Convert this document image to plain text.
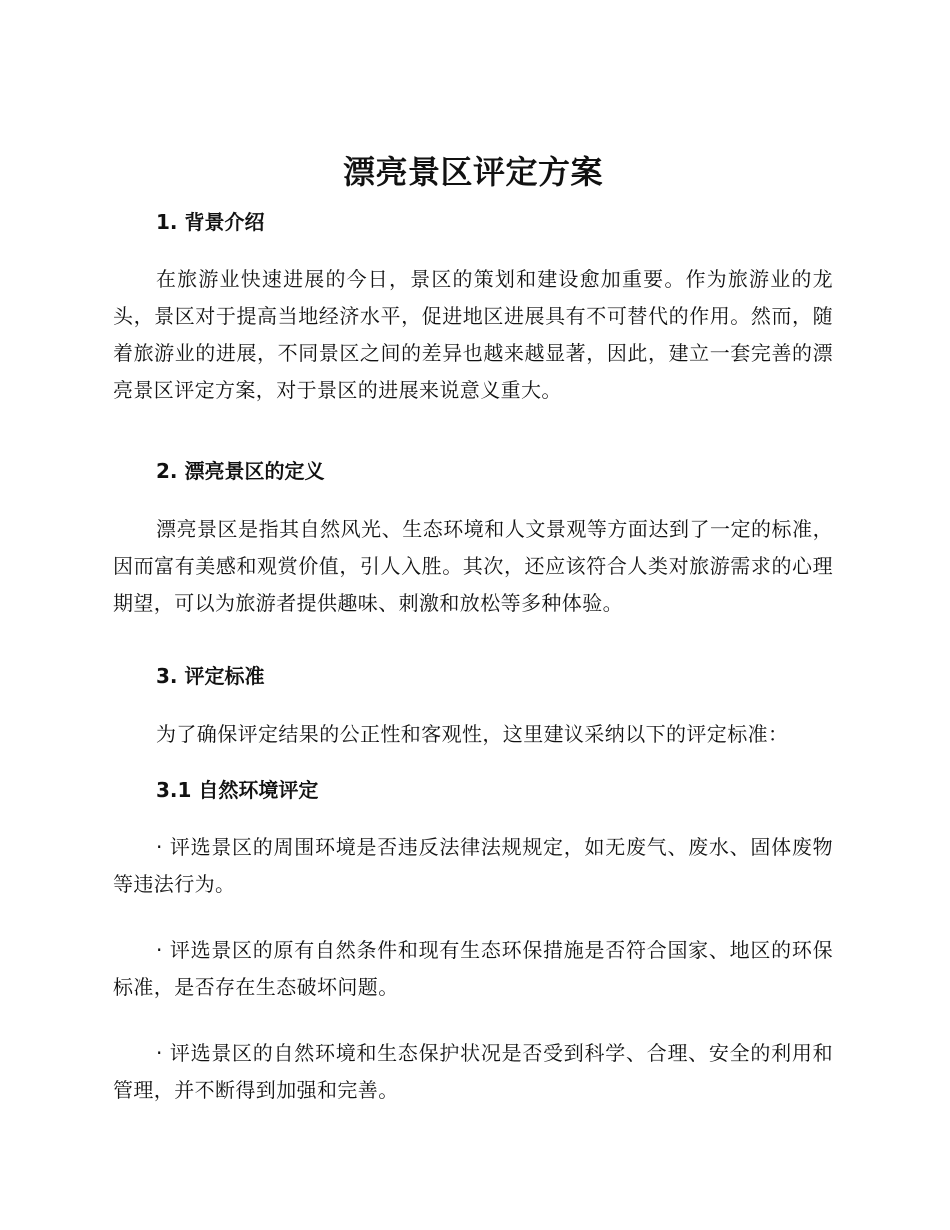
漂亮景区评定方案
1. 背景介绍
在旅游业快速进展的今日，景区的策划和建设愈加重要。作为旅游业的龙头，景区对于提高当地经济水平，促进地区进展具有不可替代的作用。然而，随着旅游业的进展，不同景区之间的差异也越来越显著，因此，建立一套完善的漂亮景区评定方案，对于景区的进展来说意义重大。
2. 漂亮景区的定义
漂亮景区是指其自然风光、生态环境和人文景观等方面达到了一定的标准，因而富有美感和观赏价值，引人入胜。其次，还应该符合人类对旅游需求的心理期望，可以为旅游者提供趣味、刺激和放松等多种体验。
3. 评定标准
为了确保评定结果的公正性和客观性，这里建议采纳以下的评定标准：
3.1 自然环境评定
· 评选景区的周围环境是否违反法律法规规定，如无废气、废水、固体废物等违法行为。
· 评选景区的原有自然条件和现有生态环保措施是否符合国家、地区的环保标准，是否存在生态破坏问题。
· 评选景区的自然环境和生态保护状况是否受到科学、合理、安全的利用和管理，并不断得到加强和完善。
